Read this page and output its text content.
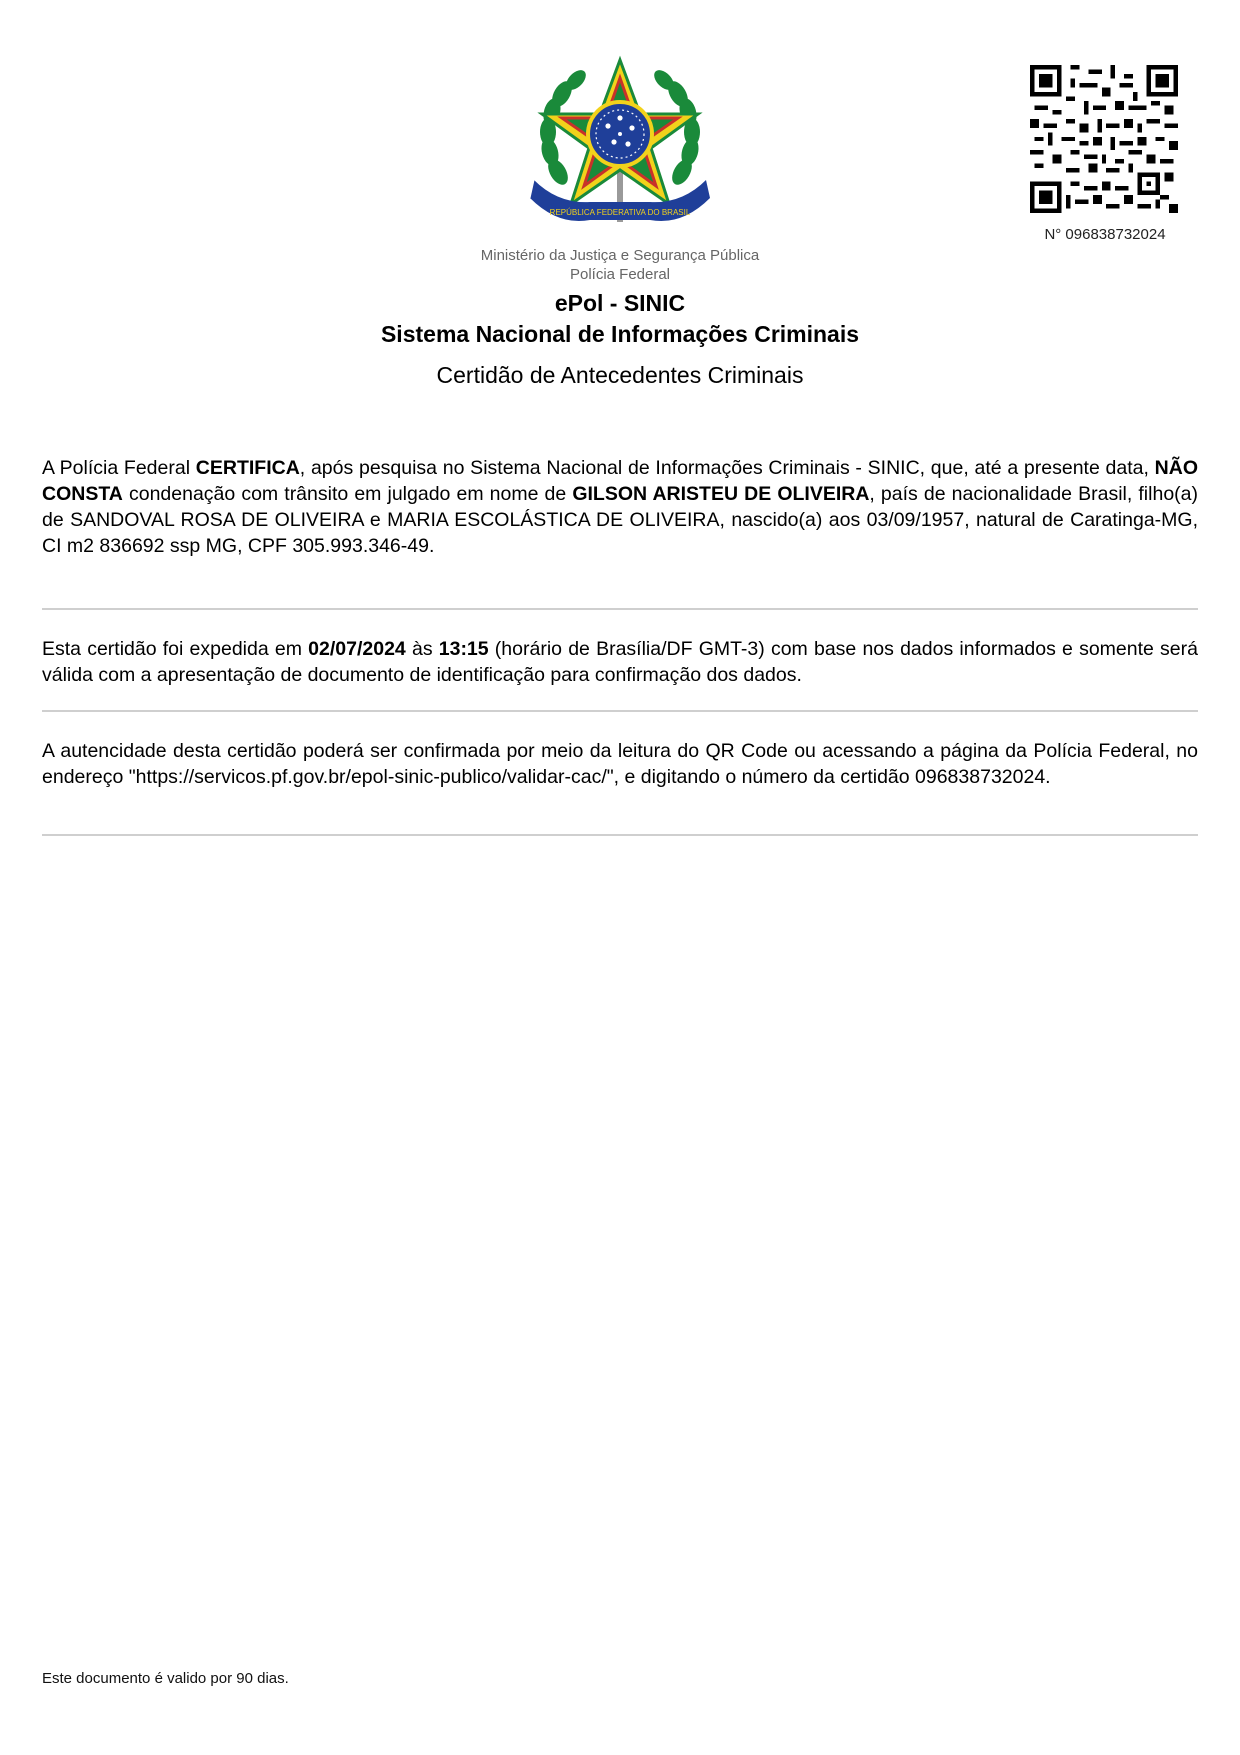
REPÚBLICA FEDERATIVA DO BRASIL
N° 096838732024
Ministério da Justiça e Segurança Pública
Polícia Federal
ePol - SINIC
Sistema Nacional de Informações Criminais
Certidão de Antecedentes Criminais
A Polícia Federal CERTIFICA, após pesquisa no Sistema Nacional de Informações Criminais - SINIC, que, até a presente data, NÃO CONSTA condenação com trânsito em julgado em nome de GILSON ARISTEU DE OLIVEIRA, país de nacionalidade Brasil, filho(a) de SANDOVAL ROSA DE OLIVEIRA e MARIA ESCOLÁSTICA DE OLIVEIRA, nascido(a) aos 03/09/1957, natural de Caratinga-MG, CI m2 836692 ssp MG, CPF 305.993.346-49.
Esta certidão foi expedida em 02/07/2024 às 13:15 (horário de Brasília/DF GMT-3) com base nos dados informados e somente será válida com a apresentação de documento de identificação para confirmação dos dados.
A autencidade desta certidão poderá ser confirmada por meio da leitura do QR Code ou acessando a página da Polícia Federal, no endereço "https://servicos.pf.gov.br/epol-sinic-publico/validar-cac/", e digitando o número da certidão 096838732024.
Este documento é valido por 90 dias.
